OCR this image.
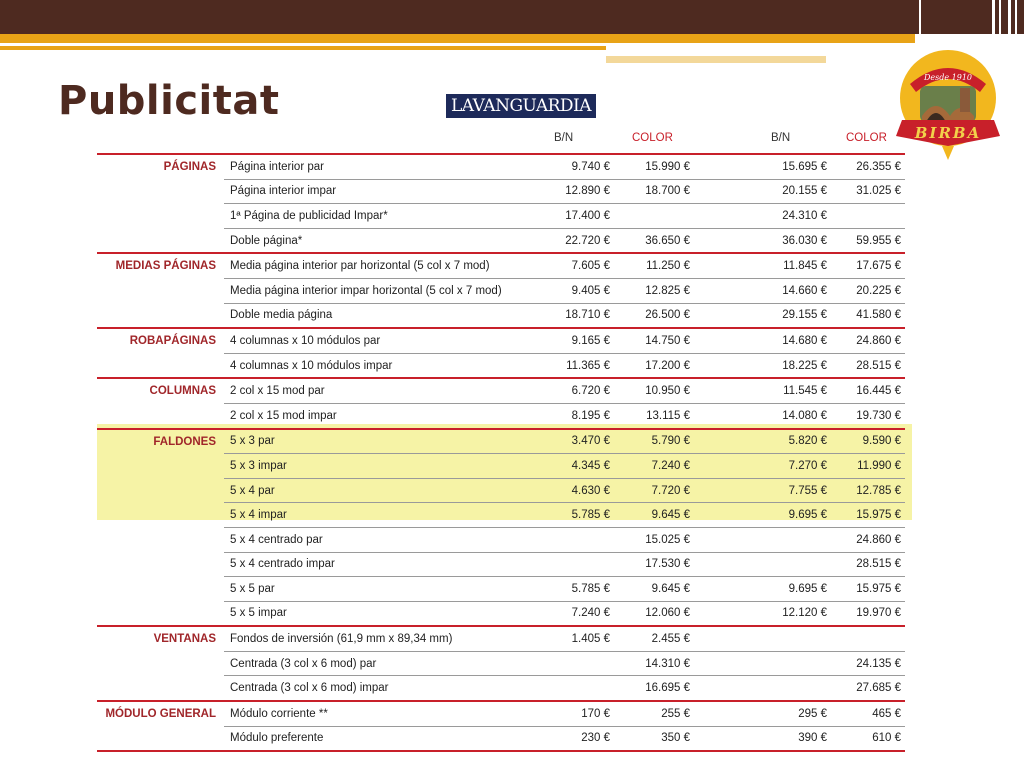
Publicitat	LAVANGUARDIA
Desde 1910
BIRBA
B/N	COLOR	B/N	COLOR
PÁGINAS	Página interior par	9.740 €	15.990 €	15.695 €	26.355 €
	Página interior impar	12.890 €	18.700 €	20.155 €	31.025 €
	1ª Página de publicidad Impar*	17.400 €		24.310 €	
	Doble página*	22.720 €	36.650 €	36.030 €	59.955 €
MEDIAS PÁGINAS	Media página interior par horizontal (5 col x 7 mod)	7.605 €	11.250 €	11.845 €	17.675 €
	Media página interior impar horizontal (5 col x 7 mod)	9.405 €	12.825 €	14.660 €	20.225 €
	Doble media página	18.710 €	26.500 €	29.155 €	41.580 €
ROBAPÁGINAS	4 columnas x 10 módulos par	9.165 €	14.750 €	14.680 €	24.860 €
	4 columnas x 10 módulos impar	11.365 €	17.200 €	18.225 €	28.515 €
COLUMNAS	2 col x 15 mod par	6.720 €	10.950 €	11.545 €	16.445 €
	2 col x 15 mod impar	8.195 €	13.115 €	14.080 €	19.730 €
FALDONES	5 x 3 par	3.470 €	5.790 €	5.820 €	9.590 €
	5 x 3 impar	4.345 €	7.240 €	7.270 €	11.990 €
	5 x 4 par	4.630 €	7.720 €	7.755 €	12.785 €
	5 x 4 impar	5.785 €	9.645 €	9.695 €	15.975 €
	5 x 4 centrado par		15.025 €		24.860 €
	5 x 4 centrado impar		17.530 €		28.515 €
	5 x 5 par	5.785 €	9.645 €	9.695 €	15.975 €
	5 x 5 impar	7.240 €	12.060 €	12.120 €	19.970 €
VENTANAS	Fondos de inversión (61,9 mm x 89,34 mm)	1.405 €	2.455 €		
	Centrada (3 col x 6 mod) par		14.310 €		24.135 €
	Centrada (3 col x 6 mod) impar		16.695 €		27.685 €
MÓDULO GENERAL	Módulo corriente **	170 €	255 €	295 €	465 €
	Módulo preferente	230 €	350 €	390 €	610 €
